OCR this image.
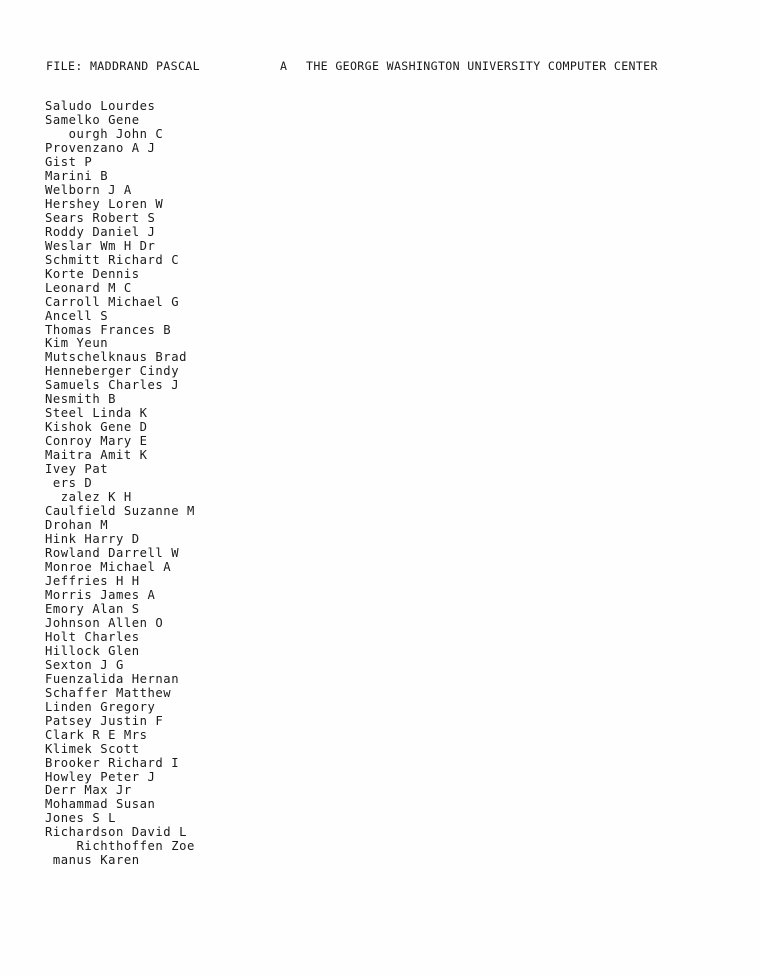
FILE: MADDRAND PASCAL	A THE GEORGE WASHINGTON UNIVERSITY COMPUTER CENTER
Saludo Lourdes
Samelko Gene
ourgh John C
Provenzano A J
Gist P
Marini B
Welborn J A
Hershey Loren W
Sears Robert S
Roddy Daniel J
Weslar Wm H Dr
Schmitt Richard C
Korte Dennis
Leonard M C
Carroll Michael G
Ancell S
Thomas Frances B
Kim Yeun
Mutschelknaus Brad
Henneberger Cindy
Samuels Charles J
Nesmith B
Steel Linda K
Kishok Gene D
Conroy Mary E
Maitra Amit K
Ivey Pat
ers D
zalez K H
Caulfield Suzanne M
Drohan M
Hink Harry D
Rowland Darrell W
Monroe Michael A
Jeffries H H
Morris James A
Emory Alan S
Johnson Allen O
Holt Charles
Hillock Glen
Sexton J G
Fuenzalida Hernan
Schaffer Matthew
Linden Gregory
Patsey Justin F
Clark R E Mrs
Klimek Scott
Brooker Richard I
Howley Peter J
Derr Max Jr
Mohammad Susan
Jones S L
Richardson David L
Richthoffen Zoe
manus Karen
